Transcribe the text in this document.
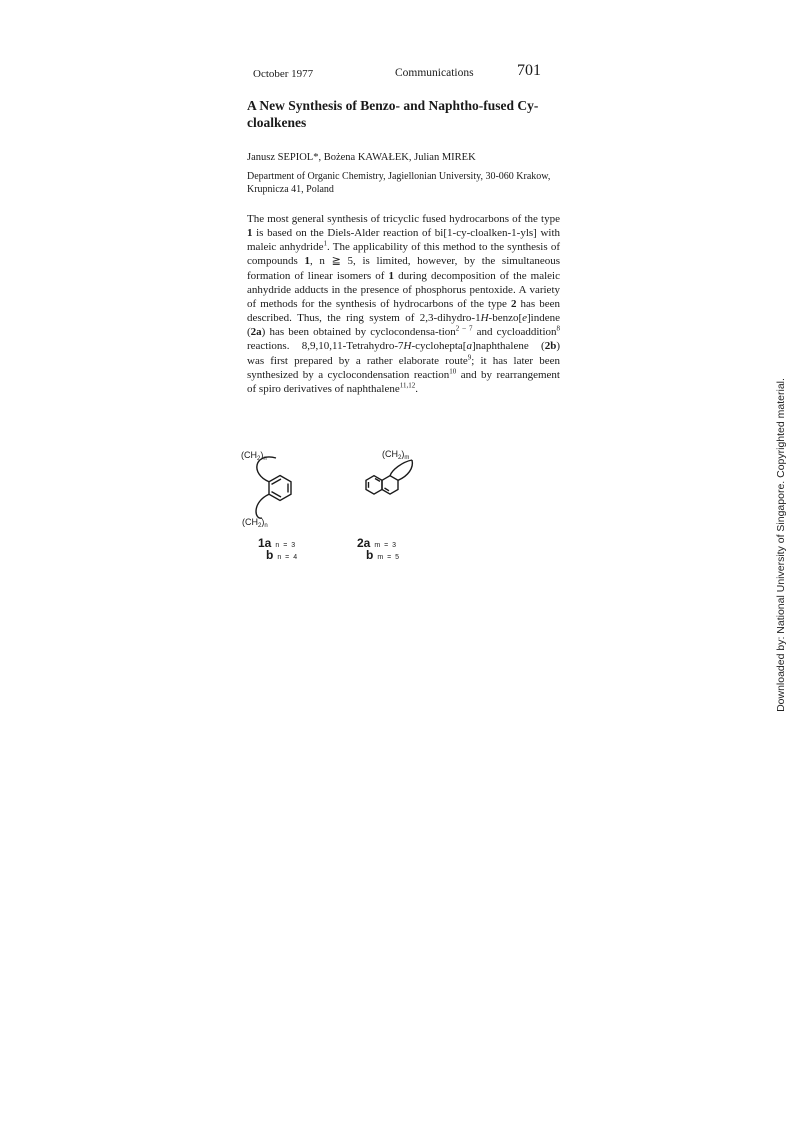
October 1977	Communications	701
A New Synthesis of Benzo- and Naphtho-fused Cy-cloalkenes

Janusz SEPIOL*, Bożena KAWAŁEK, Julian MIREK

Department of Organic Chemistry, Jagiellonian University, 30-060 Krakow, Krupnicza 41, Poland

The most general synthesis of tricyclic fused hydrocarbons of the type 1 is based on the Diels-Alder reaction of bi[1-cy-cloalken-1-yls] with maleic anhydride$^1$. The applicability of this method to the synthesis of compounds 1, n ≧ 5, is limited, however, by the simultaneous formation of linear isomers of 1 during decomposition of the maleic anhydride adducts in the presence of phosphorus pentoxide. A variety of methods for the synthesis of hydrocarbons of the type 2 has been described. Thus, the ring system of 2,3-dihydro-1H-benzo[e]indene (2a) has been obtained by cyclocondensa-tion$^{2 - 7}$ and cycloaddition$^8$ reactions. 8,9,10,11-Tetrahydro-7H-cyclohepta[a]naphthalene (2b) was first prepared by a rather elaborate route$^9$; it has later been synthesized by a cyclocondensation reaction$^{10}$ and by rearrangement of spiro derivatives of naphthalene$^{11,12}$.

$(CH_2)_n$
$(CH_2)_n$
$(CH_2)_m$
1a n = 3
bn = 4
2a m = 3
bm = 5	Downloaded by: National University of Singapore. Copyrighted material.
